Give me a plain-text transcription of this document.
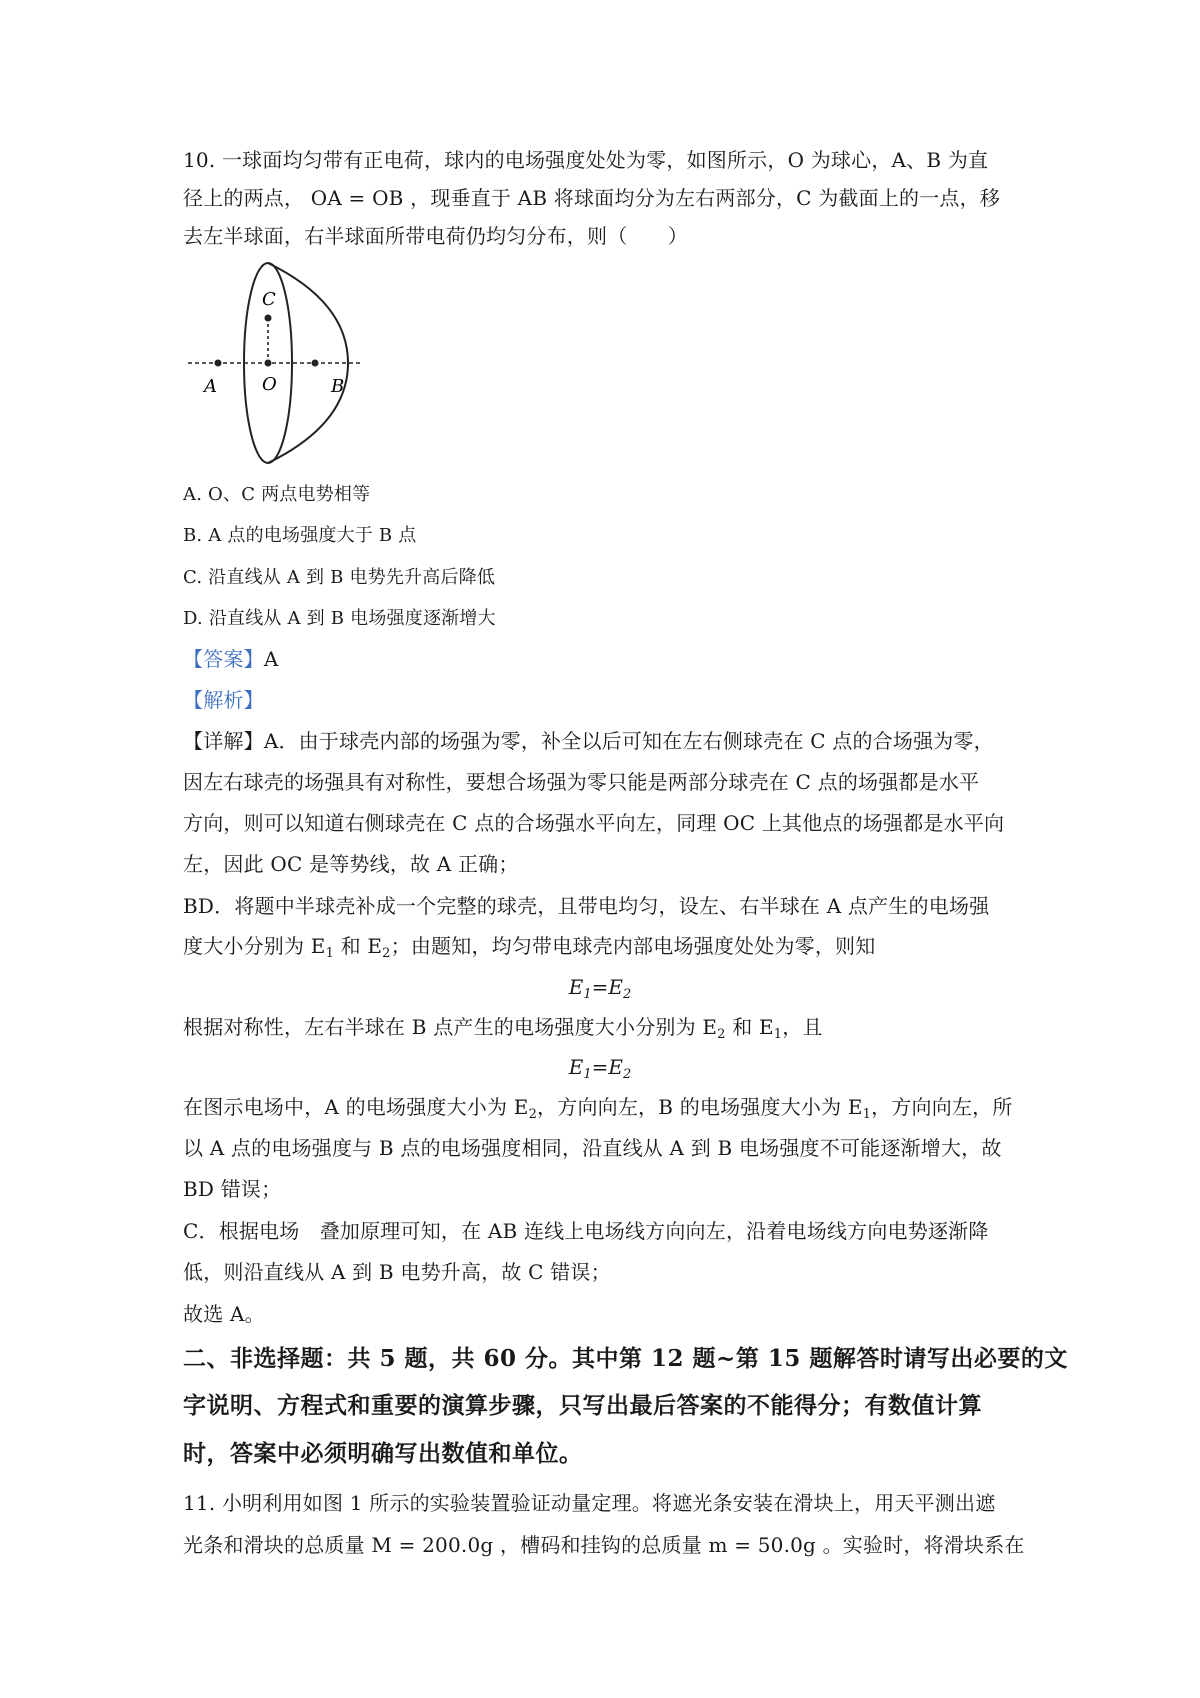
10. 一球面均匀带有正电荷，球内的电场强度处处为零，如图所示，O 为球心，A、B 为直
径上的两点， OA = OB ，现垂直于 AB 将球面均分为左右两部分，C 为截面上的一点，移
去左半球面，右半球面所带电荷仍均匀分布，则（　　）
C
A	O	B
A. O、C 两点电势相等
B. A 点的电场强度大于 B 点
C. 沿直线从 A 到 B 电势先升高后降低
D. 沿直线从 A 到 B 电场强度逐渐增大
【答案】A
【解析】
【详解】A．由于球壳内部的场强为零，补全以后可知在左右侧球壳在 C 点的合场强为零，
因左右球壳的场强具有对称性，要想合场强为零只能是两部分球壳在 C 点的场强都是水平
方向，则可以知道右侧球壳在 C 点的合场强水平向左，同理 OC 上其他点的场强都是水平向
左，因此 OC 是等势线，故 A 正确；
BD．将题中半球壳补成一个完整的球壳，且带电均匀，设左、右半球在 A 点产生的电场强
度大小分别为 $E_1$ 和 $E_2$；由题知，均匀带电球壳内部电场强度处处为零，则知
$E_1=E_2$
根据对称性，左右半球在 B 点产生的电场强度大小分别为 $E_2$ 和 $E_1$，且
$E_1=E_2$
在图示电场中，A 的电场强度大小为 $E_2$，方向向左，B 的电场强度大小为 $E_1$，方向向左，所
以 A 点的电场强度与 B 点的电场强度相同，沿直线从 A 到 B 电场强度不可能逐渐增大，故
BD 错误；
C．根据电场　叠加原理可知，在 AB 连线上电场线方向向左，沿着电场线方向电势逐渐降
低，则沿直线从 A 到 B 电势升高，故 C 错误；
故选 A。
二、非选择题：共 5 题，共 60 分。其中第 12 题~第 15 题解答时请写出必要的文
字说明、方程式和重要的演算步骤，只写出最后答案的不能得分；有数值计算
时，答案中必须明确写出数值和单位。
11. 小明利用如图 1 所示的实验装置验证动量定理。将遮光条安装在滑块上，用天平测出遮
光条和滑块的总质量 M = 200.0g ，槽码和挂钩的总质量 m = 50.0g 。实验时，将滑块系在
